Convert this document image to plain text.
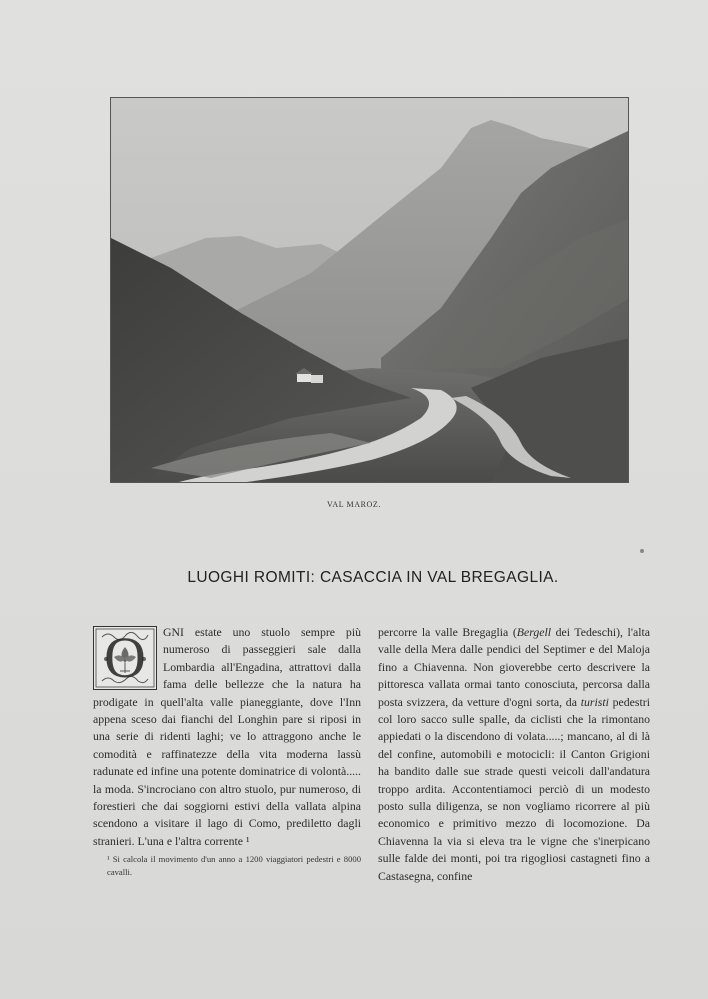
VAL MAROZ.
LUOGHI ROMITI: CASACCIA IN VAL BREGAGLIA.
O	GNI estate uno stuolo sempre più numeroso di passeggieri sale dalla Lombardia all'Engadina, attrattovi dalla fama delle bellezze che la natura ha prodigate in quell'alta valle pianeggiante, dove l'Inn appena sceso dai fianchi del Longhin pare si riposi in una serie di ridenti laghi; ve lo attraggono anche le comodità e raffinatezze della vita moderna lassù radunate ed infine una potente dominatrice di volontà..... la moda. S'incrociano con altro stuolo, pur numeroso, di forestieri che dai soggiorni estivi della vallata alpina scendono a visitare il lago di Como, prediletto dagli stranieri. L'una e l'altra corrente ¹

¹ Si calcola il movimento d'un anno a 1200 viaggiatori pedestri e 8000 cavalli.

percorre la valle Bregaglia (Bergell dei Tedeschi), l'alta valle della Mera dalle pendici del Septimer e del Maloja fino a Chiavenna. Non gioverebbe certo descrivere la pittoresca vallata ormai tanto conosciuta, percorsa dalla posta svizzera, da vetture d'ogni sorta, da turisti pedestri col loro sacco sulle spalle, da ciclisti che la rimontano appiedati o la discendono di volata.....; mancano, al di là del confine, automobili e motocicli: il Canton Grigioni ha bandito dalle sue strade questi veicoli dall'andatura troppo ardita. Accontentiamoci perciò di un modesto posto sulla diligenza, se non vogliamo ricorrere al più economico e primitivo mezzo di locomozione. Da Chiavenna la via si eleva tra le vigne che s'inerpicano sulle falde dei monti, poi tra rigogliosi castagneti fino a Castasegna, confine
